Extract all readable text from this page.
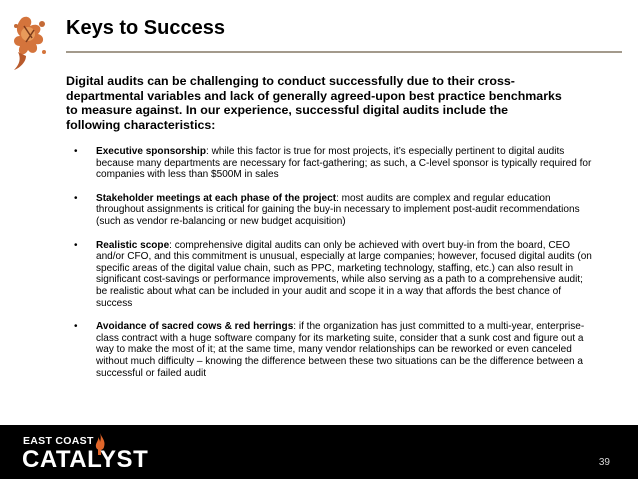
Keys to Success
Digital audits can be challenging to conduct successfully due to their cross-departmental variables and lack of generally agreed-upon best practice benchmarks to measure against. In our experience, successful digital audits include the following characteristics:
• Executive sponsorship: while this factor is true for most projects, it’s especially pertinent to digital audits because many departments are necessary for fact-gathering; as such, a C-level sponsor is typically required for companies with less than $500M in sales
• Stakeholder meetings at each phase of the project: most audits are complex and regular education throughout assignments is critical for gaining the buy-in necessary to implement post-audit recommendations (such as vendor re-balancing or new budget acquisition)
• Realistic scope: comprehensive digital audits can only be achieved with overt buy-in from the board, CEO and/or CFO, and this commitment is unusual, especially at large companies; however, focused digital audits (on specific areas of the digital value chain, such as PPC, marketing technology, staffing, etc.) can also result in significant cost-savings or performance improvements, while also serving as a path to a comprehensive audit; be realistic about what can be included in your audit and scope it in a way that affords the best chance of success
• Avoidance of sacred cows & red herrings: if the organization has just committed to a multi-year, enterprise-class contract with a huge software company for its marketing suite, consider that a sunk cost and figure out a way to make the most of it; at the same time, many vendor relationships can be reworked or even canceled without much difficulty – knowing the difference between these two situations can be the difference between a successful or failed audit
EAST COAST
CATALYST	39
